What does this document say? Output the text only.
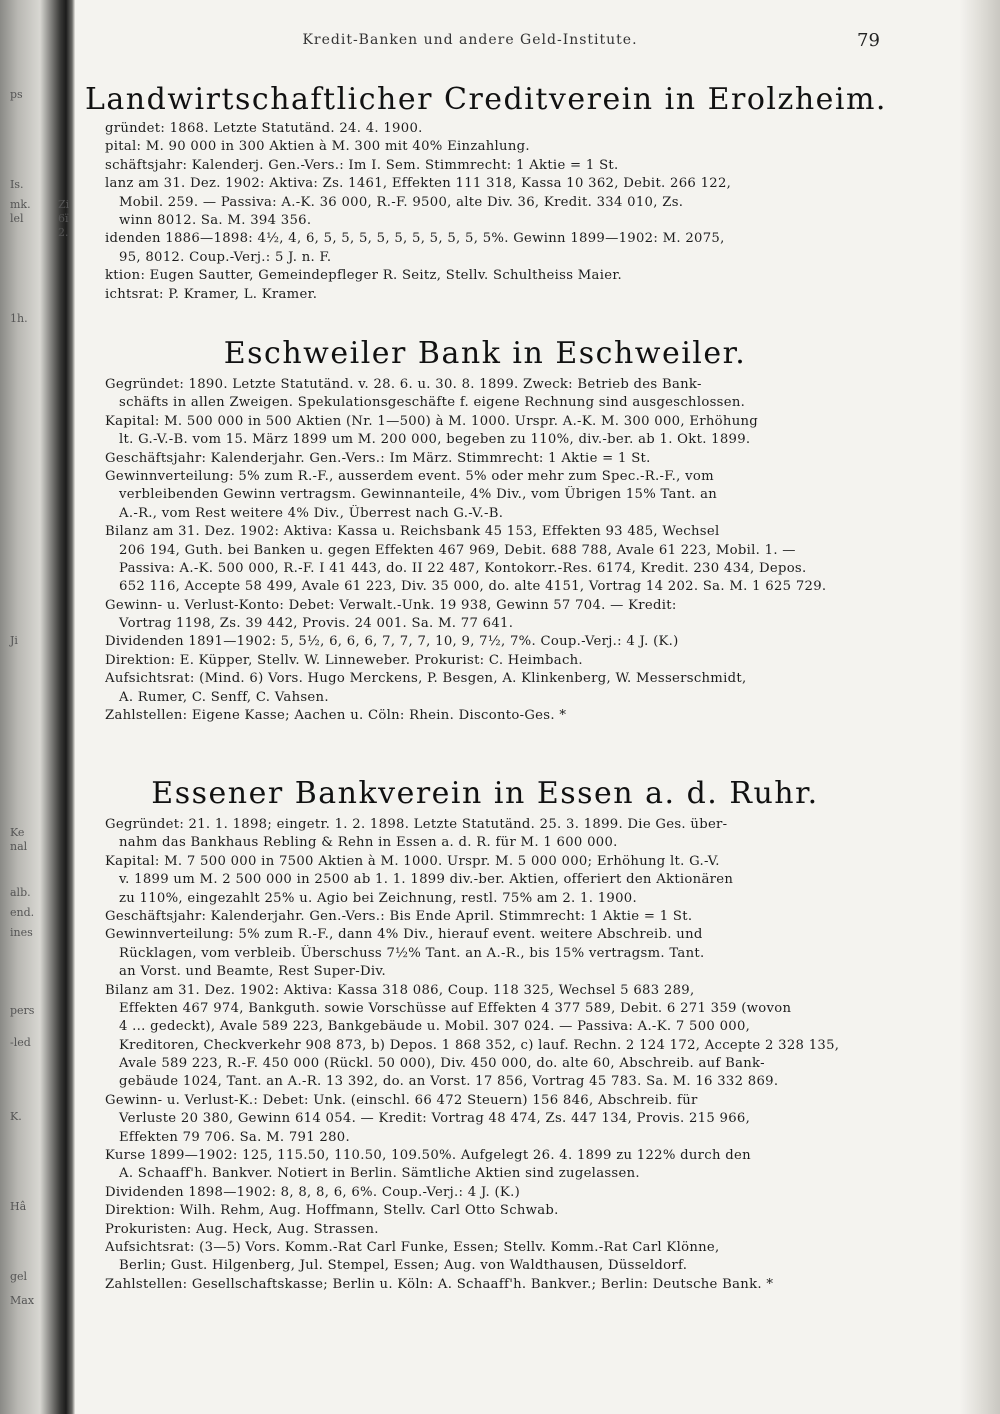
ps
Is.
mk.
lel
Zi
2.
6ï
1h.
Ji
Ke
nal
alb.
end.
ines
pers
-led
K.
Hâ
gel
Max
Kredit-Banken und andere Geld-Institute.	79
Landwirtschaftlicher Creditverein in Erolzheim.
gründet: 1868. Letzte Statutänd. 24. 4. 1900.
pital: M. 90 000 in 300 Aktien à M. 300 mit 40% Einzahlung.
schäftsjahr: Kalenderj. Gen.-Vers.: Im I. Sem. Stimmrecht: 1 Aktie = 1 St.
lanz am 31. Dez. 1902: Aktiva: Zs. 1461, Effekten 111 318, Kassa 10 362, Debit. 266 122,
Mobil. 259. — Passiva: A.-K. 36 000, R.-F. 9500, alte Div. 36, Kredit. 334 010, Zs.
winn 8012. Sa. M. 394 356.
idenden 1886—1898: 4½, 4, 6, 5, 5, 5, 5, 5, 5, 5, 5, 5, 5%. Gewinn 1899—1902: M. 2075,
95, 8012. Coup.-Verj.: 5 J. n. F.
ktion: Eugen Sautter, Gemeindepfleger R. Seitz, Stellv. Schultheiss Maier.
ichtsrat: P. Kramer, L. Kramer.
Eschweiler Bank in Eschweiler.
Gegründet: 1890. Letzte Statutänd. v. 28. 6. u. 30. 8. 1899. Zweck: Betrieb des Bank-
schäfts in allen Zweigen. Spekulationsgeschäfte f. eigene Rechnung sind ausgeschlossen.
Kapital: M. 500 000 in 500 Aktien (Nr. 1—500) à M. 1000. Urspr. A.-K. M. 300 000, Erhöhung
lt. G.-V.-B. vom 15. März 1899 um M. 200 000, begeben zu 110%, div.-ber. ab 1. Okt. 1899.
Geschäftsjahr: Kalenderjahr. Gen.-Vers.: Im März. Stimmrecht: 1 Aktie = 1 St.
Gewinnverteilung: 5% zum R.-F., ausserdem event. 5% oder mehr zum Spec.-R.-F., vom
verbleibenden Gewinn vertragsm. Gewinnanteile, 4% Div., vom Übrigen 15% Tant. an
A.-R., vom Rest weitere 4% Div., Überrest nach G.-V.-B.
Bilanz am 31. Dez. 1902: Aktiva: Kassa u. Reichsbank 45 153, Effekten 93 485, Wechsel
206 194, Guth. bei Banken u. gegen Effekten 467 969, Debit. 688 788, Avale 61 223, Mobil. 1. —
Passiva: A.-K. 500 000, R.-F. I 41 443, do. II 22 487, Kontokorr.-Res. 6174, Kredit. 230 434, Depos.
652 116, Accepte 58 499, Avale 61 223, Div. 35 000, do. alte 4151, Vortrag 14 202. Sa. M. 1 625 729.
Gewinn- u. Verlust-Konto: Debet: Verwalt.-Unk. 19 938, Gewinn 57 704. — Kredit:
Vortrag 1198, Zs. 39 442, Provis. 24 001. Sa. M. 77 641.
Dividenden 1891—1902: 5, 5½, 6, 6, 6, 7, 7, 7, 10, 9, 7½, 7%. Coup.-Verj.: 4 J. (K.)
Direktion: E. Küpper, Stellv. W. Linneweber. Prokurist: C. Heimbach.
Aufsichtsrat: (Mind. 6) Vors. Hugo Merckens, P. Besgen, A. Klinkenberg, W. Messerschmidt,
A. Rumer, C. Senff, C. Vahsen.
Zahlstellen: Eigene Kasse; Aachen u. Cöln: Rhein. Disconto-Ges. *
Essener Bankverein in Essen a. d. Ruhr.
Gegründet: 21. 1. 1898; eingetr. 1. 2. 1898. Letzte Statutänd. 25. 3. 1899. Die Ges. über-
nahm das Bankhaus Rebling & Rehn in Essen a. d. R. für M. 1 600 000.
Kapital: M. 7 500 000 in 7500 Aktien à M. 1000. Urspr. M. 5 000 000; Erhöhung lt. G.-V.
v. 1899 um M. 2 500 000 in 2500 ab 1. 1. 1899 div.-ber. Aktien, offeriert den Aktionären
zu 110%, eingezahlt 25% u. Agio bei Zeichnung, restl. 75% am 2. 1. 1900.
Geschäftsjahr: Kalenderjahr. Gen.-Vers.: Bis Ende April. Stimmrecht: 1 Aktie = 1 St.
Gewinnverteilung: 5% zum R.-F., dann 4% Div., hierauf event. weitere Abschreib. und
Rücklagen, vom verbleib. Überschuss 7½% Tant. an A.-R., bis 15% vertragsm. Tant.
an Vorst. und Beamte, Rest Super-Div.
Bilanz am 31. Dez. 1902: Aktiva: Kassa 318 086, Coup. 118 325, Wechsel 5 683 289,
Effekten 467 974, Bankguth. sowie Vorschüsse auf Effekten 4 377 589, Debit. 6 271 359 (wovon
4 ... gedeckt), Avale 589 223, Bankgebäude u. Mobil. 307 024. — Passiva: A.-K. 7 500 000,
Kreditoren, Checkverkehr 908 873, b) Depos. 1 868 352, c) lauf. Rechn. 2 124 172, Accepte 2 328 135,
Avale 589 223, R.-F. 450 000 (Rückl. 50 000), Div. 450 000, do. alte 60, Abschreib. auf Bank-
gebäude 1024, Tant. an A.-R. 13 392, do. an Vorst. 17 856, Vortrag 45 783. Sa. M. 16 332 869.
Gewinn- u. Verlust-K.: Debet: Unk. (einschl. 66 472 Steuern) 156 846, Abschreib. für
Verluste 20 380, Gewinn 614 054. — Kredit: Vortrag 48 474, Zs. 447 134, Provis. 215 966,
Effekten 79 706. Sa. M. 791 280.
Kurse 1899—1902: 125, 115.50, 110.50, 109.50%. Aufgelegt 26. 4. 1899 zu 122% durch den
A. Schaaff'h. Bankver. Notiert in Berlin. Sämtliche Aktien sind zugelassen.
Dividenden 1898—1902: 8, 8, 8, 6, 6%. Coup.-Verj.: 4 J. (K.)
Direktion: Wilh. Rehm, Aug. Hoffmann, Stellv. Carl Otto Schwab.
Prokuristen: Aug. Heck, Aug. Strassen.
Aufsichtsrat: (3—5) Vors. Komm.-Rat Carl Funke, Essen; Stellv. Komm.-Rat Carl Klönne,
Berlin; Gust. Hilgenberg, Jul. Stempel, Essen; Aug. von Waldthausen, Düsseldorf.
Zahlstellen: Gesellschaftskasse; Berlin u. Köln: A. Schaaff'h. Bankver.; Berlin: Deutsche Bank. *
